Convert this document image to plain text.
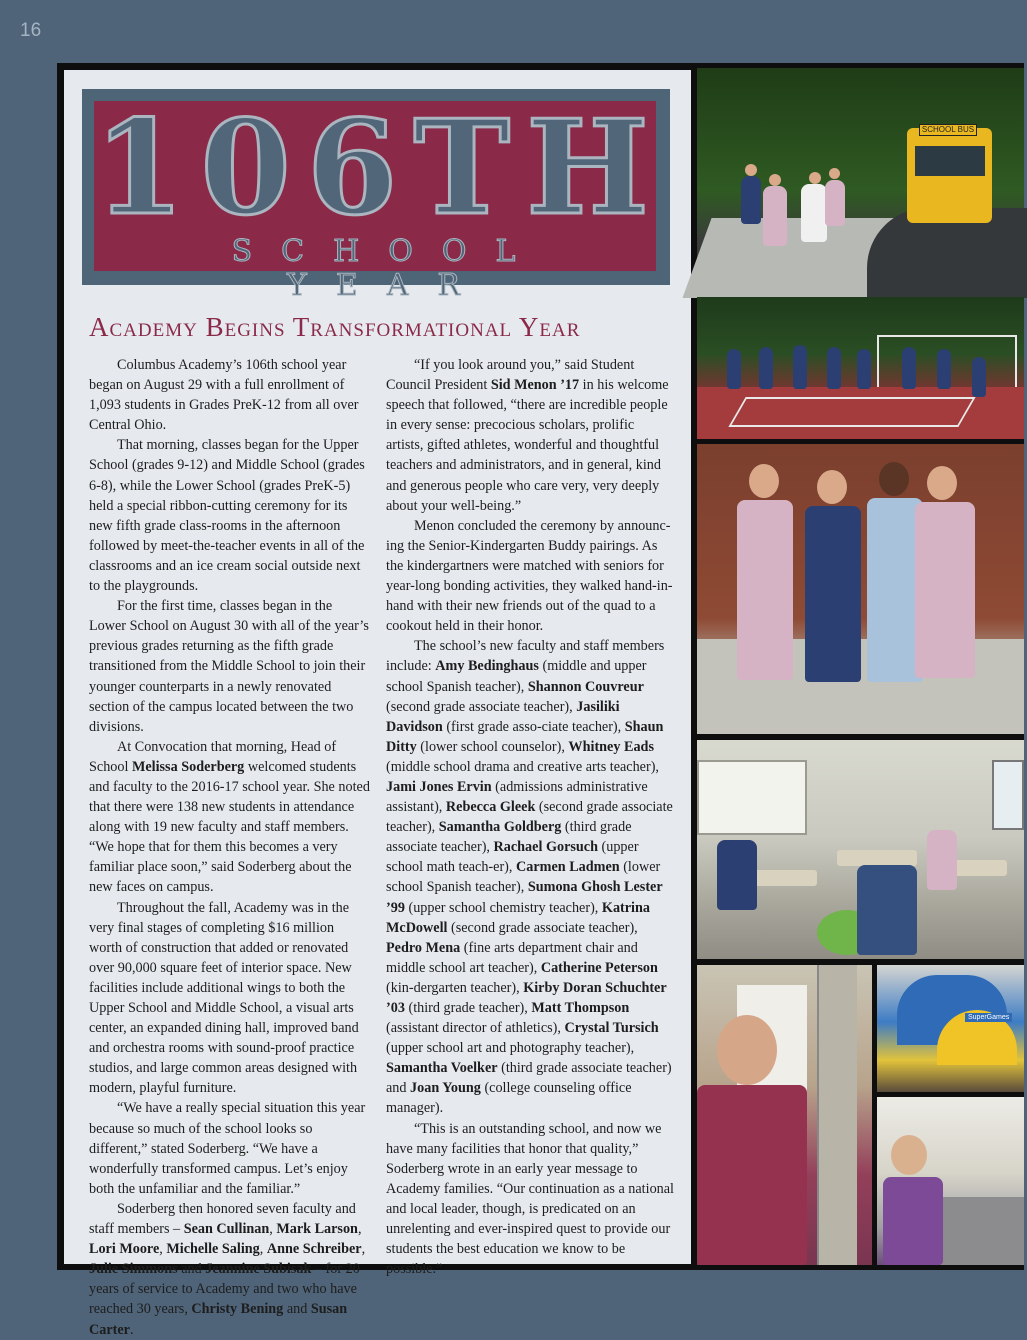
16
106TH
SCHOOL YEAR
Academy Begins Transformational Year

Columbus Academy’s 106th school year began on August 29 with a full enrollment of 1,093 students in Grades PreK-12 from all over Central Ohio.

That morning, classes began for the Upper School (grades 9-12) and Middle School (grades 6-8), while the Lower School (grades PreK-5) held a special ribbon-cutting ceremony for its new fifth grade class-rooms in the afternoon followed by meet-the-teacher events in all of the classrooms and an ice cream social outside next to the playgrounds.

For the first time, classes began in the Lower School on August 30 with all of the year’s previous grades returning as the fifth grade transitioned from the Middle School to join their younger counterparts in a newly renovated section of the campus located between the two divisions.

At Convocation that morning, Head of School Melissa Soderberg welcomed students and faculty to the 2016-17 school year. She noted that there were 138 new students in attendance along with 19 new faculty and staff members. “We hope that for them this becomes a very familiar place soon,” said Soderberg about the new faces on campus.

Throughout the fall, Academy was in the very final stages of completing $16 million worth of construction that added or renovated over 90,000 square feet of interior space. New facilities include additional wings to both the Upper School and Middle School, a visual arts center, an expanded dining hall, improved band and orchestra rooms with sound-proof practice studios, and large common areas designed with modern, playful furniture.

“We have a really special situation this year because so much of the school looks so different,” stated Soderberg. “We have a wonderfully transformed campus. Let’s enjoy both the unfamiliar and the familiar.”

Soderberg then honored seven faculty and staff members – Sean Cullinan, Mark Larson, Lori Moore, Michelle Saling, Anne Schreiber, Julie Simmons and Jeannine Subisak – for 20 years of service to Academy and two who have reached 30 years, Christy Bening and Susan Carter.

“If you look around you,” said Student Council President Sid Menon ’17 in his welcome speech that followed, “there are incredible people in every sense: precocious scholars, prolific artists, gifted athletes, wonderful and thoughtful teachers and administrators, and in general, kind and generous people who care very, very deeply about your well-being.”

Menon concluded the ceremony by announc-ing the Senior-Kindergarten Buddy pairings. As the kindergartners were matched with seniors for year-long bonding activities, they walked hand-in-hand with their new friends out of the quad to a cookout held in their honor.

The school’s new faculty and staff members include: Amy Bedinghaus (middle and upper school Spanish teacher), Shannon Couvreur (second grade associate teacher), Jasiliki Davidson (first grade asso-ciate teacher), Shaun Ditty (lower school counselor), Whitney Eads (middle school drama and creative arts teacher), Jami Jones Ervin (admissions administrative assistant), Rebecca Gleek (second grade associate teacher), Samantha Goldberg (third grade associate teacher), Rachael Gorsuch (upper school math teach-er), Carmen Ladmen (lower school Spanish teacher), Sumona Ghosh Lester ’99 (upper school chemistry teacher), Katrina McDowell (second grade associate teacher), Pedro Mena (fine arts department chair and middle school art teacher), Catherine Peterson (kin-dergarten teacher), Kirby Doran Schuchter ’03 (third grade teacher), Matt Thompson (assistant director of athletics), Crystal Tursich (upper school art and photography teacher), Samantha Voelker (third grade associate teacher) and Joan Young (college counseling office manager).

“This is an outstanding school, and now we have many facilities that honor that quality,” Soderberg wrote in an early year message to Academy families. “Our continuation as a national and local leader, though, is predicated on an unrelenting and ever-inspired quest to provide our students the best education we know to be possible.”

SCHOOL BUS
SuperGames
